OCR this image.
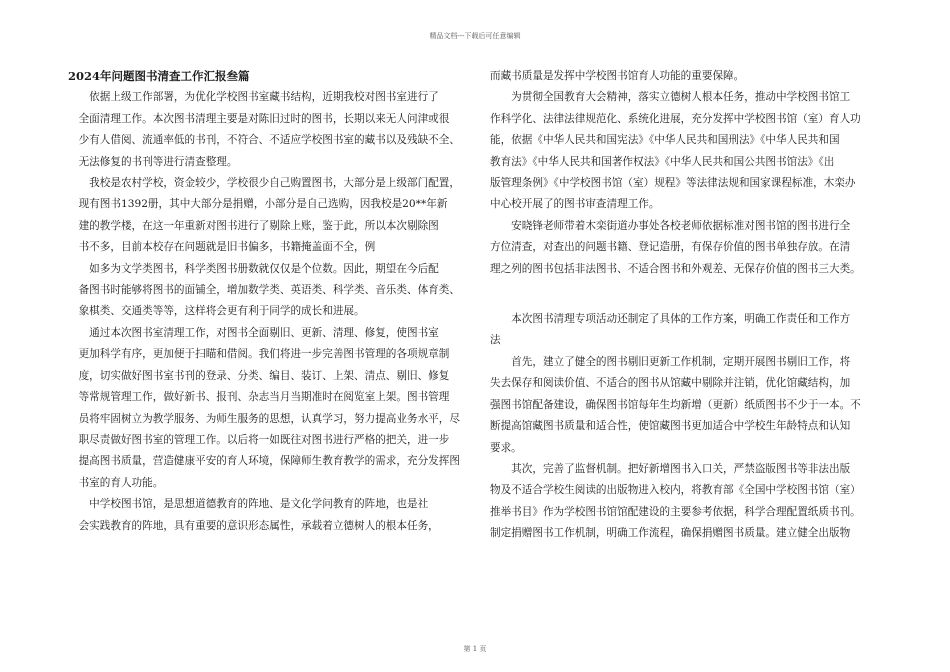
精品文档---下载后可任意编辑

2024年问题图书清查工作汇报叁篇

　　依据上级工作部署，为优化学校图书室藏书结构，近期我校对图书室进行了
　全面清理工作。本次图书清理主要是对陈旧过时的图书，长期以来无人问津或很
　少有人借阅、流通率低的书刊，不符合、不适应学校图书室的藏书以及残缺不全、
　无法修复的书刊等进行清查整理。
　　我校是农村学校，资金较少，学校很少自己购置图书，大部分是上级部门配置，
　现有图书1392册，其中大部分是捐赠，小部分是自己选购，因我校是20**年新
　建的教学楼，在这一年重新对图书进行了剔除上账，鉴于此，所以本次剔除图
　书不多，目前本校存在问题就是旧书偏多，书籍掩盖面不全，例
　　如多为文学类图书，科学类图书册数就仅仅是个位数。因此，期望在今后配
　备图书时能够将图书的面铺全，增加数学类、英语类、科学类、音乐类、体育类、
　象棋类、交通类等等，这样将会更有利于同学的成长和进展。
　　通过本次图书室清理工作，对图书全面剔旧、更新、清理、修复，使图书室
　更加科学有序，更加便于扫瞄和借阅。我们将进一步完善图书管理的各项规章制
　度，切实做好图书室书刊的登录、分类、编目、装订、上架、清点、剔旧、修复
　等常规管理工作，做好新书、报刊、杂志当月当期准时在阅览室上架。图书管理
　员将牢固树立为教学服务、为师生服务的思想，认真学习，努力提高业务水平，尽
　职尽责做好图书室的管理工作。以后将一如既往对图书进行严格的把关，进一步
　提高图书质量，营造健康平安的育人环境，保障师生教育教学的需求，充分发挥图
　书室的育人功能。
　　中学校图书馆，是思想道德教育的阵地、是文化学问教育的阵地，也是社
　会实践教育的阵地，具有重要的意识形态属性，承载着立德树人的根本任务，
而藏书质量是发挥中学校图书馆育人功能的重要保障。
　　为贯彻全国教育大会精神，落实立德树人根本任务，推动中学校图书馆工
作科学化、法律法律规范化、系统化进展，充分发挥中学校图书馆（室）育人功
能，依据《中华人民共和国宪法》《中华人民共和国刑法》《中华人民共和国
教育法》《中华人民共和国著作权法》《中华人民共和国公共图书馆法》《出
版管理条例》《中学校图书馆（室）规程》等法律法规和国家课程标准，木栾办
中心校开展了的图书审查清理工作。
　　安晓锋老师带着木栾街道办事处各校老师依据标准对图书馆的图书进行全
方位清查，对查出的问题书籍、登记造册，有保存价值的图书单独存放。在清
理之列的图书包括非法图书、不适合图书和外观差、无保存价值的图书三大类。
　　本次图书清理专项活动还制定了具体的工作方案，明确工作责任和工作方
法
　　首先，建立了健全的图书剔旧更新工作机制，定期开展图书剔旧工作，将
失去保存和阅读价值、不适合的图书从馆藏中剔除并注销，优化馆藏结构，加
强图书馆配备建设，确保图书馆每年生均新增（更新）纸质图书不少于一本。不
断提高馆藏图书质量和适合性，使馆藏图书更加适合中学校生年龄特点和认知
要求。
　　其次，完善了监督机制。把好新增图书入口关，严禁盗版图书等非法出版
物及不适合学校生阅读的出版物进入校内，将教育部《全国中学校图书馆（室）
推举书目》作为学校图书馆馆配建设的主要参考依据，科学合理配置纸质书刊。
制定捐赠图书工作机制，明确工作流程，确保捐赠图书质量。建立健全出版物
第 1 页
